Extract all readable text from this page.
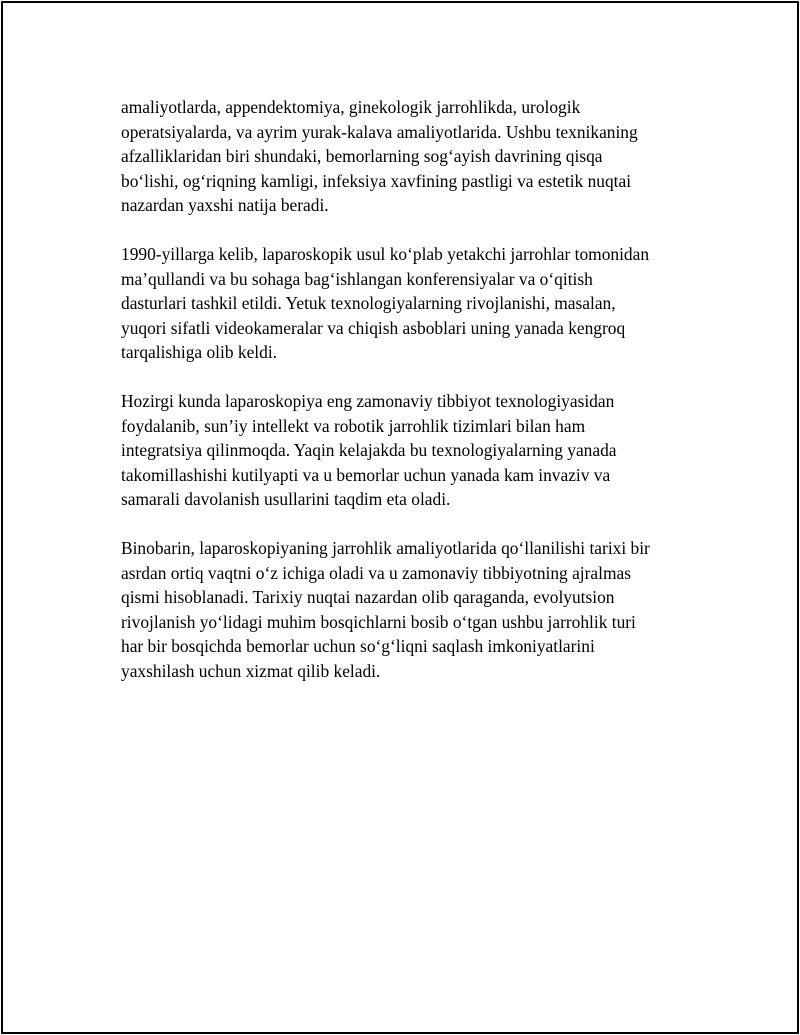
amaliyotlarda, appendektomiya, ginekologik jarrohlikda, urologik
operatsiyalarda, va ayrim yurak-kalava amaliyotlarida. Ushbu texnikaning
afzalliklaridan biri shundaki, bemorlarning sog‘ayish davrining qisqa
bo‘lishi, og‘riqning kamligi, infeksiya xavfining pastligi va estetik nuqtai
nazardan yaxshi natija beradi.

1990-yillarga kelib, laparoskopik usul ko‘plab yetakchi jarrohlar tomonidan
ma’qullandi va bu sohaga bag‘ishlangan konferensiyalar va o‘qitish
dasturlari tashkil etildi. Yetuk texnologiyalarning rivojlanishi, masalan,
yuqori sifatli videokameralar va chiqish asboblari uning yanada kengroq
tarqalishiga olib keldi.

Hozirgi kunda laparoskopiya eng zamonaviy tibbiyot texnologiyasidan
foydalanib, sun’iy intellekt va robotik jarrohlik tizimlari bilan ham
integratsiya qilinmoqda. Yaqin kelajakda bu texnologiyalarning yanada
takomillashishi kutilyapti va u bemorlar uchun yanada kam invaziv va
samarali davolanish usullarini taqdim eta oladi.

Binobarin, laparoskopiyaning jarrohlik amaliyotlarida qo‘llanilishi tarixi bir
asrdan ortiq vaqtni o‘z ichiga oladi va u zamonaviy tibbiyotning ajralmas
qismi hisoblanadi. Tarixiy nuqtai nazardan olib qaraganda, evolyutsion
rivojlanish yo‘lidagi muhim bosqichlarni bosib o‘tgan ushbu jarrohlik turi
har bir bosqichda bemorlar uchun so‘g‘liqni saqlash imkoniyatlarini
yaxshilash uchun xizmat qilib keladi.
